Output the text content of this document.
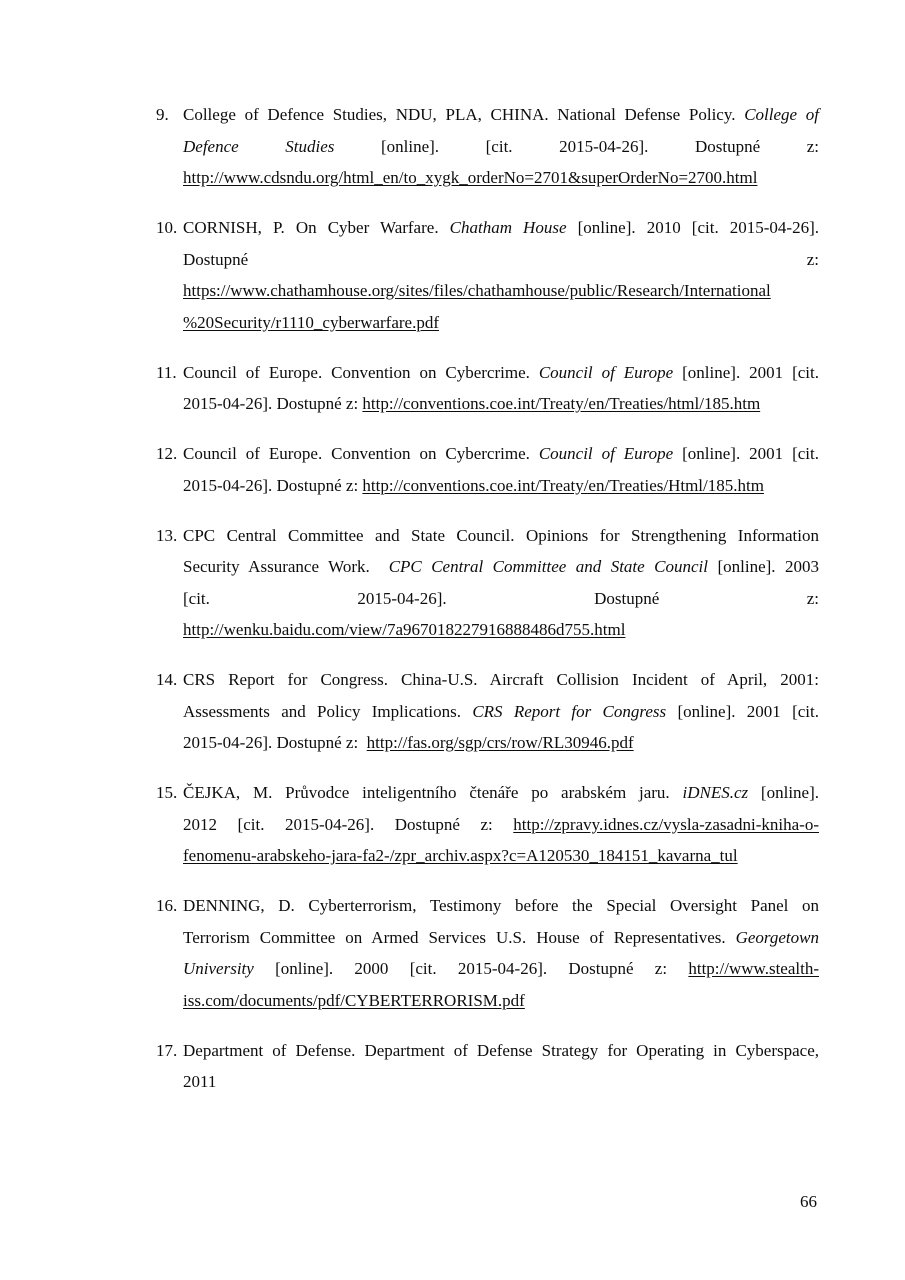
9. College of Defence Studies, NDU, PLA, CHINA. National Defense Policy. College of
Defence Studies [online]. [cit. 2015-04-26]. Dostupné z:
http://www.cdsndu.org/html_en/to_xygk_orderNo=2701&superOrderNo=2700.html
10. CORNISH, P. On Cyber Warfare. Chatham House [online]. 2010 [cit. 2015-04-26].
Dostupné z:
https://www.chathamhouse.org/sites/files/chathamhouse/public/Research/International
%20Security/r1110_cyberwarfare.pdf
11. Council of Europe. Convention on Cybercrime. Council of Europe [online]. 2001 [cit.
2015-04-26]. Dostupné z: http://conventions.coe.int/Treaty/en/Treaties/html/185.htm
12. Council of Europe. Convention on Cybercrime. Council of Europe [online]. 2001 [cit.
2015-04-26]. Dostupné z: http://conventions.coe.int/Treaty/en/Treaties/Html/185.htm
13. CPC Central Committee and State Council. Opinions for Strengthening Information
Security Assurance Work.  CPC Central Committee and State Council [online]. 2003
[cit. 2015-04-26]. Dostupné z:
http://wenku.baidu.com/view/7a967018227916888486d755.html
14. CRS Report for Congress. China-U.S. Aircraft Collision Incident of April, 2001:
Assessments and Policy Implications. CRS Report for Congress [online]. 2001 [cit.
2015-04-26]. Dostupné z:  http://fas.org/sgp/crs/row/RL30946.pdf
15. ČEJKA, M. Průvodce inteligentního čtenáře po arabském jaru. iDNES.cz [online].
2012 [cit. 2015-04-26]. Dostupné z: http://zpravy.idnes.cz/vysla-zasadni-kniha-o-
fenomenu-arabskeho-jara-fa2-/zpr_archiv.aspx?c=A120530_184151_kavarna_tul
16. DENNING, D. Cyberterrorism, Testimony before the Special Oversight Panel on
Terrorism Committee on Armed Services U.S. House of Representatives. Georgetown
University [online]. 2000 [cit. 2015-04-26]. Dostupné z: http://www.stealth-
iss.com/documents/pdf/CYBERTERRORISM.pdf
17. Department of Defense. Department of Defense Strategy for Operating in Cyberspace,
2011
66
